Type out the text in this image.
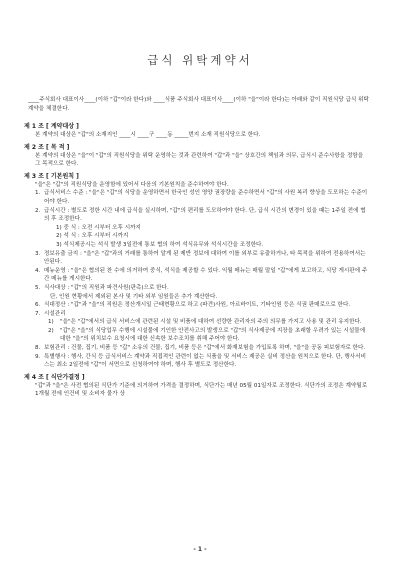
급식 위탁계약서
____주식회사 대표이사____(이하 "갑"이라 한다)와 ____식품 주식회사 대표이사____(이하 "을"이라 한다)는 아래와 같이 직원식당 급식 위탁계약을 체결한다.
제 1 조 [ 계약대상 ]
본 계약의 대상은 "갑"의 소재지인 ____시 ____구 ____동 _____번지 소재 직원식당으로 한다.
제 2 조 [ 목 적 ]
본 계약의 대상은 "을"이 "갑"의 직원식당을 위탁 운영하는 것과 관련하여 "갑"과 "을" 상호간의 책임과 의무, 급식시 준수사항을 정함을 그 목적으로 한다.
제 3 조 [ 기본원칙 ]
"을"은 "갑"의 직원식당을 운영함에 있어서 다음의 기본원칙을 준수하여야 한다.
1. 급식서비스 수준 : "을"은 "갑"의 식당을 운영하면서 한국인 성인 영양 권장량을 준수하면서 "갑"의 사원 복리 향상을 도모하는 수준이어야 한다.
2. 급식시간 : 별도로 정한 시간 내에 급식을 실시하며, "갑"의 편리를 도모하여야 한다. 단, 급식 시간의 변경이 있을 때는 1주일 전에 협의 후 조정한다.
1) 중 식 : 오전 시부터 오후 시까지
2) 석 식 : 오후 시부터 시까지
3) 석식제공시는 석식 발생 3일전에 통보 협의 하여 석식유무와 석식시간을 조정한다.
3. 정보유출 금지 : "을"은 "갑"과의 거래를 통하여 알게 된 제반 정보에 대하여 이를 외부로 유출하거나, 타 목적을 위하여 전용하여서는 안된다.
4. 메뉴운영 : "을"은 협의된 찬 수에 의거하여 중식, 석식을 제공할 수 있다. 익월 메뉴는 매월 말일 "갑"에게 보고하고, 식당 게시판에 주간 메뉴를 게시한다.
5. 식사대상 : "갑"의 직원과 파견사원(판촉)으로 한다.
단, 인원 현황에서 제외된 본사 및 기타 외부 임원들은 추가 계산한다.
6. 식대정산 : "갑"과 "을"의 직원은 정산개시일 근태현황으로 하고 (파견)사원, 아르바이트, 기타인원 등은 식권 판매로으로 한다.
7. 시설관리
1)	"을"은 "갑"에서의 급식 서비스에 관련된 시설 및 비품에 대하여 선량한 관리자의 주의 의무를 가지고 사용 및 관리 유지한다.
2)	"갑"은 "을"의 식당업무 수행에 시설물에 기인한 안전사고의 발생으로 "갑"의 식사제공에 지장을 초래할 우려가 있는 시설물에 대한 "을"의 위치보수 요청시에 대한 신속한 보수조치를 취해 주어야 한다.
8. 보험관리 : 건물, 집기, 비품 등 "갑" 소유의 건물, 집기, 비품 등은 "갑"에서 화재보험을 가입토록 하며, "을"을 공동 피보험자로 한다.
9. 특별행사 : 행사, 간식 등 급식서비스 계약과 직접적인 관련이 없는 식품을 및 서비스 제공은 실비 정산을 원칙으로 한다. 단, 행사서비스는 최소 2일전에 "갑"이 서면으로 신청하여야 하며, 행사 후 별도로 정산한다.
제 4 조 [ 식단가결정 ]
"갑"과 "을"은 사전 협의된 식단가 기준에 의거하여 가격을 결정하며, 식단가는 매년 05월 01일자로 조정한다. 식단가의 조정은 계약월로 1개월 전에 인건비 및 소비자 물가 상
- 1 -
